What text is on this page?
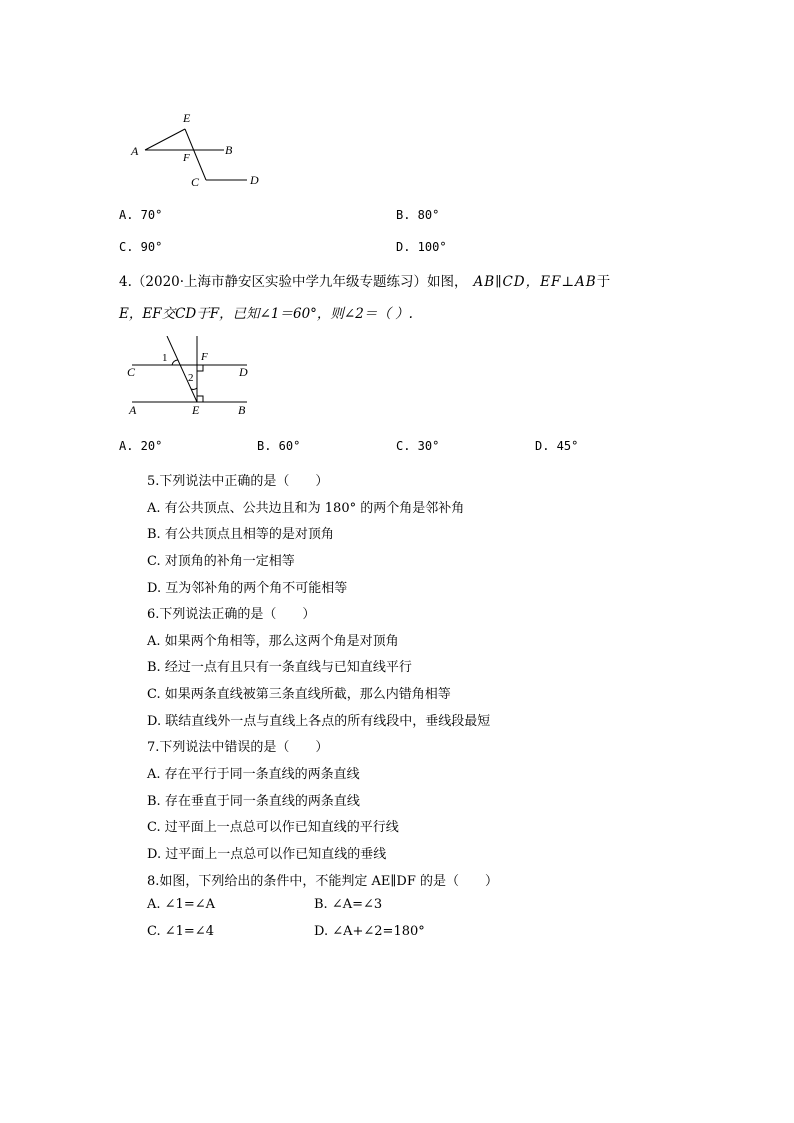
E
A	F
B
C	D
A. 70°	B. 80°
C. 90°	D. 100°
4.（2020·上海市静安区实验中学九年级专题练习）如图， AB∥CD，EF⊥AB于
E，EF交CD于F，已知∠1＝60°，则∠2＝（ ）.
1	F
C	2	D
A	E	B
A. 20°	B. 60°	C. 30°	D. 45°
5.下列说法中正确的是（　　）
A. 有公共顶点、公共边且和为 180° 的两个角是邻补角
B. 有公共顶点且相等的是对顶角
C. 对顶角的补角一定相等
D. 互为邻补角的两个角不可能相等
6.下列说法正确的是（　　）
A. 如果两个角相等，那么这两个角是对顶角
B. 经过一点有且只有一条直线与已知直线平行
C. 如果两条直线被第三条直线所截，那么内错角相等
D. 联结直线外一点与直线上各点的所有线段中，垂线段最短
7.下列说法中错误的是（　　）
A. 存在平行于同一条直线的两条直线
B. 存在垂直于同一条直线的两条直线
C. 过平面上一点总可以作已知直线的平行线
D. 过平面上一点总可以作已知直线的垂线
8.如图，下列给出的条件中，不能判定 AE∥DF 的是（　　）
A. ∠1=∠A	B. ∠A=∠3
C. ∠1=∠4	D. ∠A+∠2=180°
